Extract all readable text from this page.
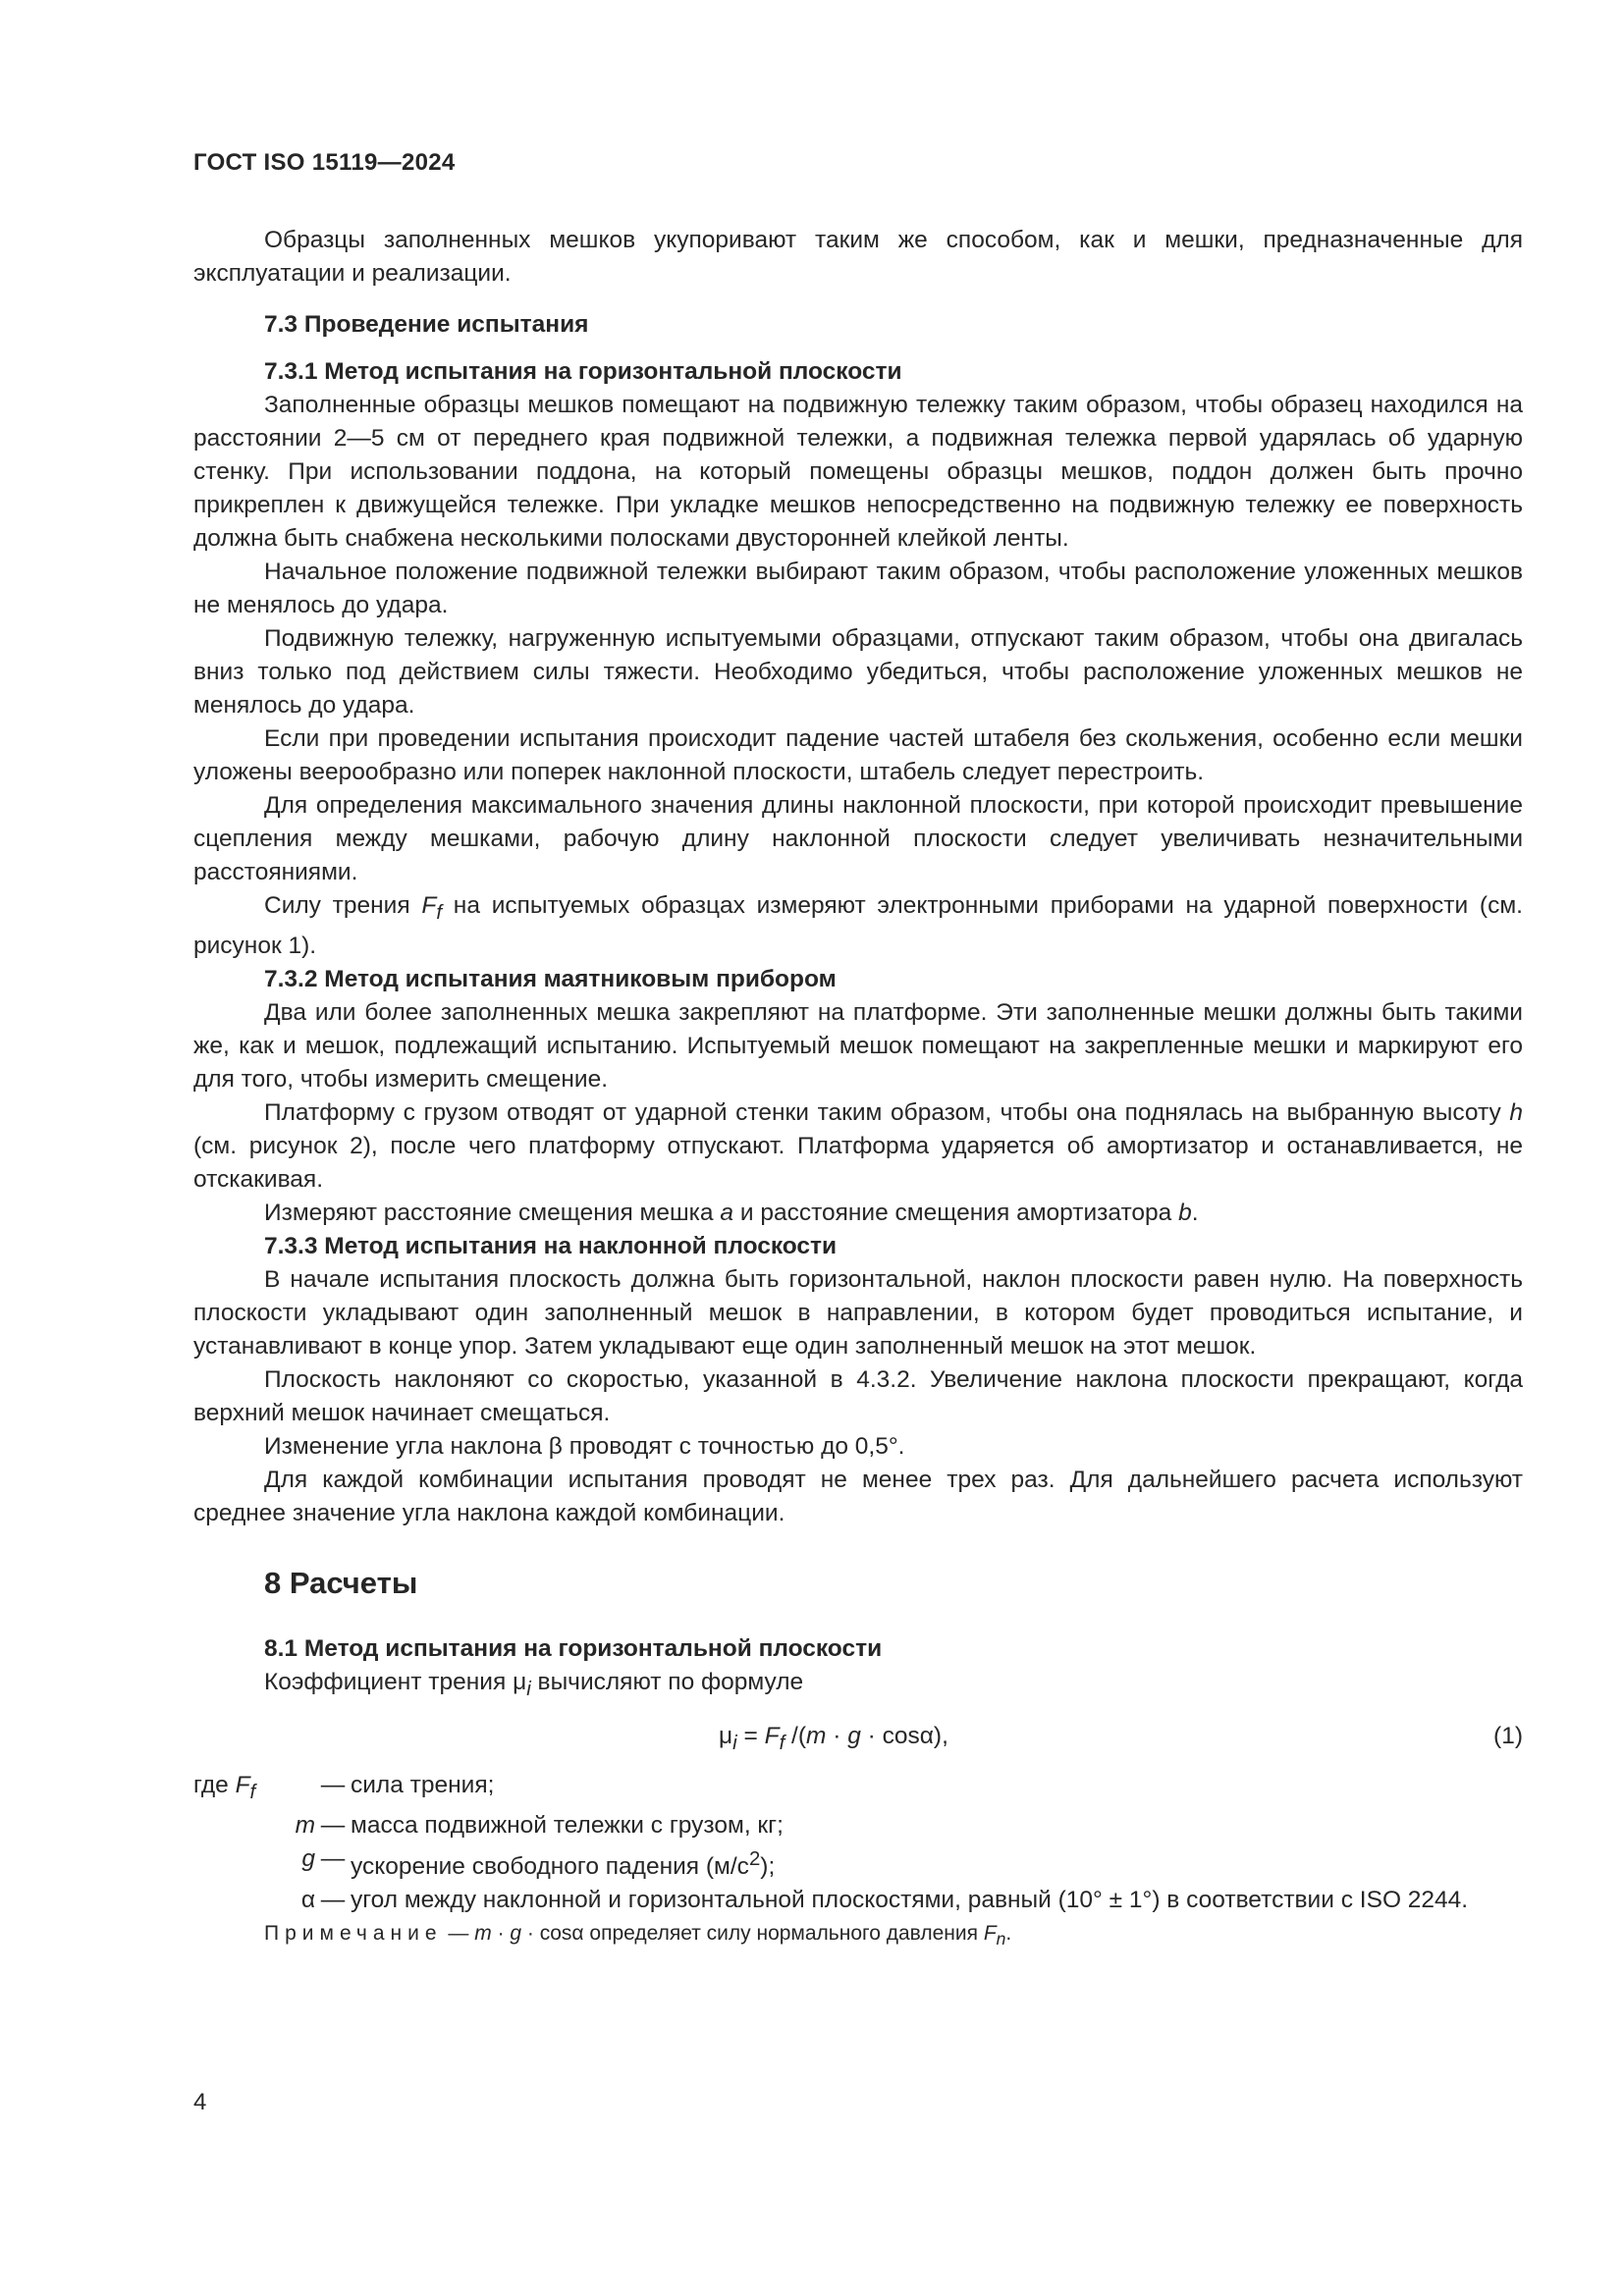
ГОСТ ISO 15119—2024

Образцы заполненных мешков укупоривают таким же способом, как и мешки, предназначенные для эксплуатации и реализации.

7.3 Проведение испытания

7.3.1 Метод испытания на горизонтальной плоскости

Заполненные образцы мешков помещают на подвижную тележку таким образом, чтобы образец находился на расстоянии 2—5 см от переднего края подвижной тележки, а подвижная тележка первой ударялась об ударную стенку. При использовании поддона, на который помещены образцы мешков, поддон должен быть прочно прикреплен к движущейся тележке. При укладке мешков непосредственно на подвижную тележку ее поверхность должна быть снабжена несколькими полосками двусторонней клейкой ленты.

Начальное положение подвижной тележки выбирают таким образом, чтобы расположение уложенных мешков не менялось до удара.

Подвижную тележку, нагруженную испытуемыми образцами, отпускают таким образом, чтобы она двигалась вниз только под действием силы тяжести. Необходимо убедиться, чтобы расположение уложенных мешков не менялось до удара.

Если при проведении испытания происходит падение частей штабеля без скольжения, особенно если мешки уложены веерообразно или поперек наклонной плоскости, штабель следует перестроить.

Для определения максимального значения длины наклонной плоскости, при которой происходит превышение сцепления между мешками, рабочую длину наклонной плоскости следует увеличивать незначительными расстояниями.

Силу трения $F_f$ на испытуемых образцах измеряют электронными приборами на ударной поверхности (см. рисунок 1).

7.3.2 Метод испытания маятниковым прибором

Два или более заполненных мешка закрепляют на платформе. Эти заполненные мешки должны быть такими же, как и мешок, подлежащий испытанию. Испытуемый мешок помещают на закрепленные мешки и маркируют его для того, чтобы измерить смещение.

Платформу с грузом отводят от ударной стенки таким образом, чтобы она поднялась на выбранную высоту h (см. рисунок 2), после чего платформу отпускают. Платформа ударяется об амортизатор и останавливается, не отскакивая.

Измеряют расстояние смещения мешка a и расстояние смещения амортизатора b.

7.3.3 Метод испытания на наклонной плоскости

В начале испытания плоскость должна быть горизонтальной, наклон плоскости равен нулю. На поверхность плоскости укладывают один заполненный мешок в направлении, в котором будет проводиться испытание, и устанавливают в конце упор. Затем укладывают еще один заполненный мешок на этот мешок.

Плоскость наклоняют со скоростью, указанной в 4.3.2. Увеличение наклона плоскости прекращают, когда верхний мешок начинает смещаться.

Изменение угла наклона β проводят с точностью до 0,5°.

Для каждой комбинации испытания проводят не менее трех раз. Для дальнейшего расчета используют среднее значение угла наклона каждой комбинации.

8 Расчеты

8.1 Метод испытания на горизонтальной плоскости

Коэффициент трения $\mu_i$ вычисляют по формуле

$\mu_i = F_f$ /(m · g · cosα),	(1)
где $F_f$	— сила трения;
m — масса подвижной тележки с грузом, кг;
g — ускорение свободного падения $(м/с^2)$;
α — угол между наклонной и горизонтальной плоскостями, равный (10° ± 1°) в соответствии с ISO 2244.

Примечание — m · g · cosα определяет силу нормального давления $F_n$.

4
